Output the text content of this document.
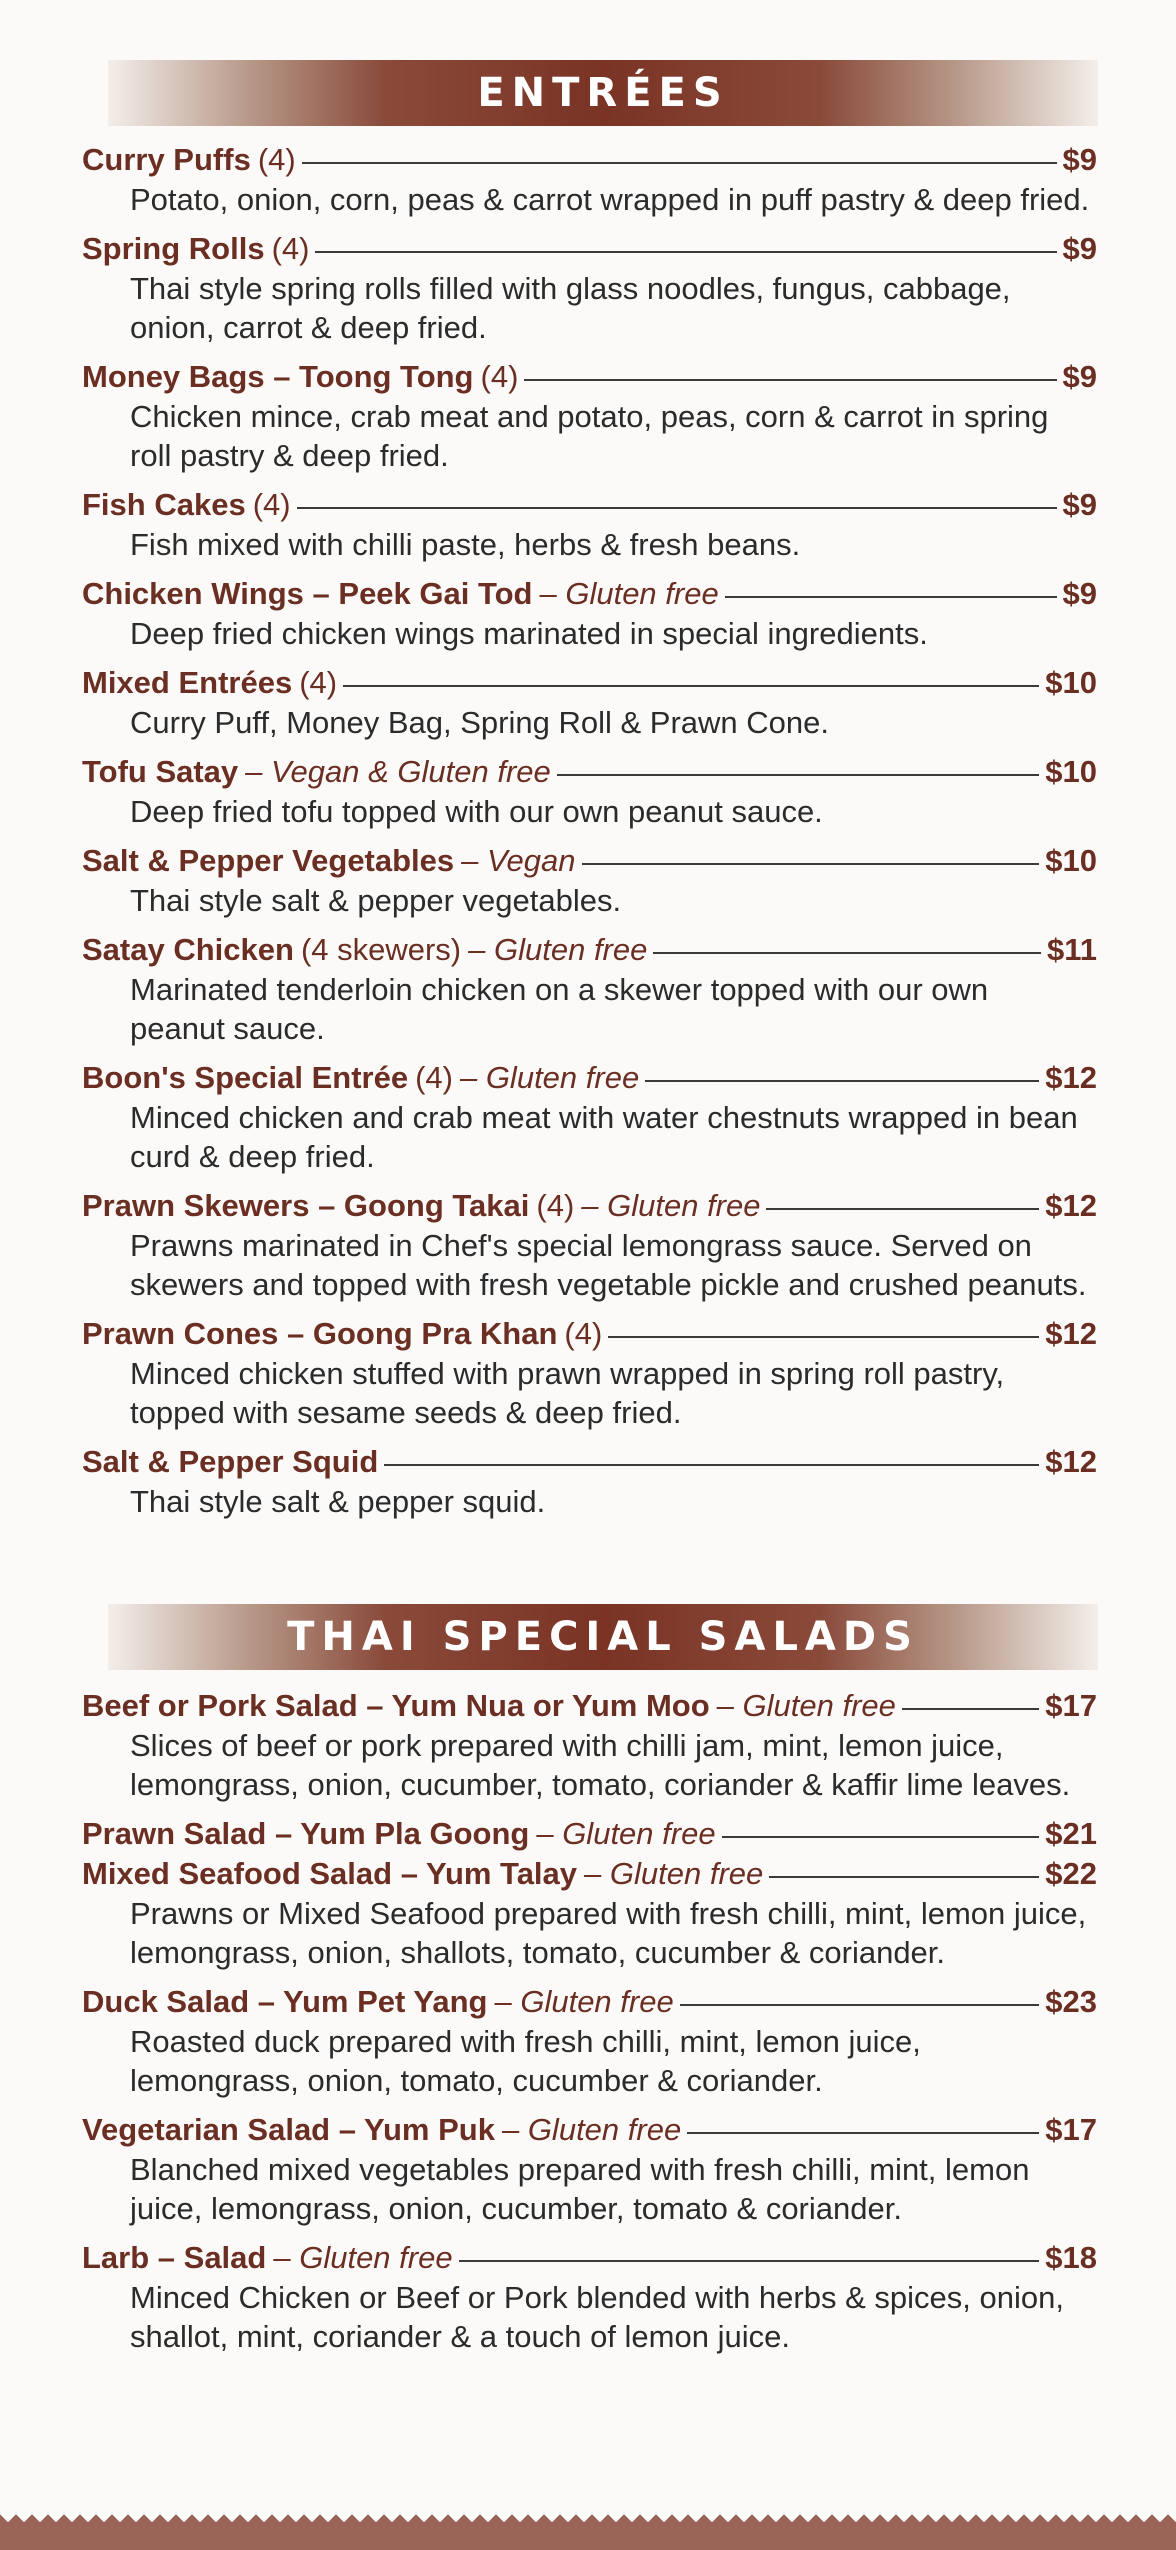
ENTRÉES
Curry Puffs (4)	$9

Potato, onion, corn, peas & carrot wrapped in puff pastry & deep fried.

Spring Rolls (4)	$9

Thai style spring rolls filled with glass noodles, fungus, cabbage, onion, carrot & deep fried.

Money Bags – Toong Tong (4)	$9

Chicken mince, crab meat and potato, peas, corn & carrot in spring roll pastry & deep fried.

Fish Cakes (4)	$9

Fish mixed with chilli paste, herbs & fresh beans.

Chicken Wings – Peek Gai Tod – Gluten free	$9

Deep fried chicken wings marinated in special ingredients.

Mixed Entrées (4)	$10

Curry Puff, Money Bag, Spring Roll & Prawn Cone.

Tofu Satay – Vegan & Gluten free	$10

Deep fried tofu topped with our own peanut sauce.

Salt & Pepper Vegetables – Vegan	$10

Thai style salt & pepper vegetables.

Satay Chicken (4 skewers) – Gluten free	$11

Marinated tenderloin chicken on a skewer topped with our own peanut sauce.

Boon's Special Entrée (4) – Gluten free	$12

Minced chicken and crab meat with water chestnuts wrapped in bean curd & deep fried.

Prawn Skewers – Goong Takai (4) – Gluten free	$12

Prawns marinated in Chef's special lemongrass sauce. Served on skewers and topped with fresh vegetable pickle and crushed peanuts.

Prawn Cones – Goong Pra Khan (4)	$12

Minced chicken stuffed with prawn wrapped in spring roll pastry, topped with sesame seeds & deep fried.

Salt & Pepper Squid	$12

Thai style salt & pepper squid.

THAI SPECIAL SALADS
Beef or Pork Salad – Yum Nua or Yum Moo – Gluten free	$17

Slices of beef or pork prepared with chilli jam, mint, lemon juice, lemongrass, onion, cucumber, tomato, coriander & kaffir lime leaves.

Prawn Salad – Yum Pla Goong – Gluten free	$21
Mixed Seafood Salad – Yum Talay – Gluten free	$22

Prawns or Mixed Seafood prepared with fresh chilli, mint, lemon juice, lemongrass, onion, shallots, tomato, cucumber & coriander.

Duck Salad – Yum Pet Yang – Gluten free	$23

Roasted duck prepared with fresh chilli, mint, lemon juice, lemongrass, onion, tomato, cucumber & coriander.

Vegetarian Salad – Yum Puk – Gluten free	$17

Blanched mixed vegetables prepared with fresh chilli, mint, lemon juice, lemongrass, onion, cucumber, tomato & coriander.

Larb – Salad – Gluten free	$18

Minced Chicken or Beef or Pork blended with herbs & spices, onion, shallot, mint, coriander & a touch of lemon juice.
